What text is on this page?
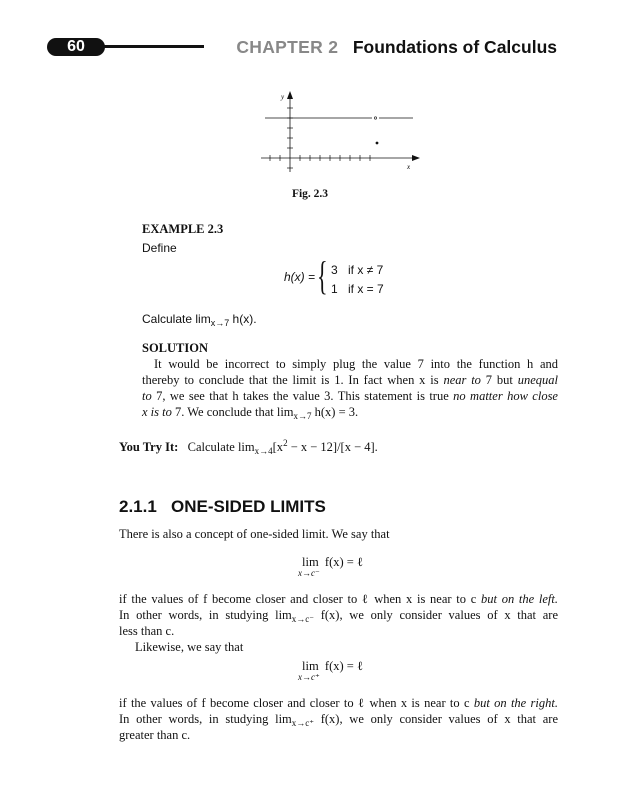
60	CHAPTER 2 Foundations of Calculus
y
x
Fig. 2.3
EXAMPLE 2.3
Define
h(x) = { 3 if x ≠ 7
1 if x = 7
Calculate $\lim_{x\to 7} h(x)$.
SOLUTION
It would be incorrect to simply plug the value 7 into the function h and
thereby to conclude that the limit is 1. In fact when x is near to 7 but unequal
to 7, we see that h takes the value 3. This statement is true no matter how close
x is to 7. We conclude that $\lim_{x\to 7} h(x) = 3$.
You Try It: Calculate $\lim_{x\to 4}[x^2 - x - 12]/[x - 4]$.
2.1.1 ONE-SIDED LIMITS
There is also a concept of one-sided limit. We say that
lim  f(x) = ℓ
x→c⁻
if the values of f become closer and closer to ℓ when x is near to c but on the left.
In other words, in studying $\lim_{x\to c^-} f(x)$, we only consider values of x that are
less than c.
Likewise, we say that
lim  f(x) = ℓ
x→c⁺
if the values of f become closer and closer to ℓ when x is near to c but on the right.
In other words, in studying $\lim_{x\to c^+} f(x)$, we only consider values of x that are
greater than c.
